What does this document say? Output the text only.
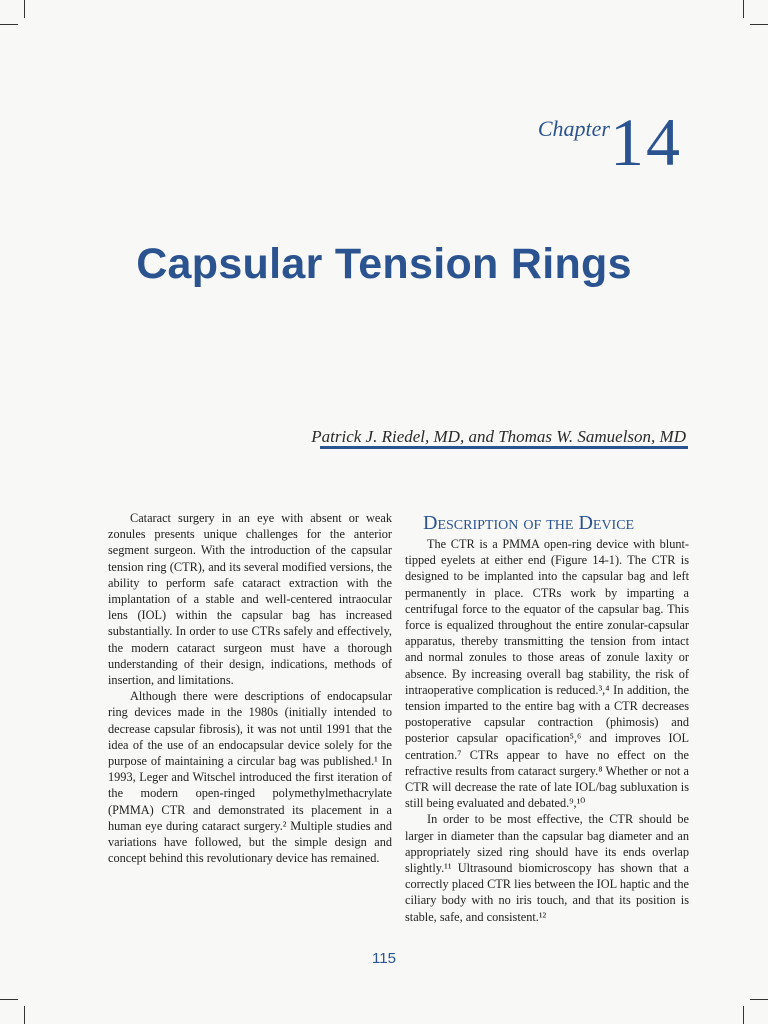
Chapter14
Capsular Tension Rings
Patrick J. Riedel, MD, and Thomas W. Samuelson, MD

Cataract surgery in an eye with absent or weak zonules presents unique challenges for the anterior segment surgeon. With the introduction of the capsular tension ring (CTR), and its several modified versions, the ability to perform safe cataract extraction with the implantation of a stable and well-centered intraocular lens (IOL) within the capsular bag has increased substantially. In order to use CTRs safely and effectively, the modern cataract surgeon must have a thorough understanding of their design, indications, methods of insertion, and limitations.

Although there were descriptions of endocapsular ring devices made in the 1980s (initially intended to decrease capsular fibrosis), it was not until 1991 that the idea of the use of an endocapsular device solely for the purpose of maintaining a circular bag was published.¹ In 1993, Leger and Witschel introduced the first iteration of the modern open-ringed polymethylmethacrylate (PMMA) CTR and demonstrated its placement in a human eye during cataract surgery.² Multiple studies and variations have followed, but the simple design and concept behind this revolutionary device has remained.

Description of the Device

The CTR is a PMMA open-ring device with blunt-tipped eyelets at either end (Figure 14-1). The CTR is designed to be implanted into the capsular bag and left permanently in place. CTRs work by imparting a centrifugal force to the equator of the capsular bag. This force is equalized throughout the entire zonular-capsular apparatus, thereby transmitting the tension from intact and normal zonules to those areas of zonule laxity or absence. By increasing overall bag stability, the risk of intraoperative complication is reduced.³,⁴ In addition, the tension imparted to the entire bag with a CTR decreases postoperative capsular contraction (phimosis) and posterior capsular opacification⁵,⁶ and improves IOL centration.⁷ CTRs appear to have no effect on the refractive results from cataract surgery.⁸ Whether or not a CTR will decrease the rate of late IOL/bag subluxation is still being evaluated and debated.⁹,¹⁰

In order to be most effective, the CTR should be larger in diameter than the capsular bag diameter and an appropriately sized ring should have its ends overlap slightly.¹¹ Ultrasound biomicroscopy has shown that a correctly placed CTR lies between the IOL haptic and the ciliary body with no iris touch, and that its position is stable, safe, and consistent.¹²

115
